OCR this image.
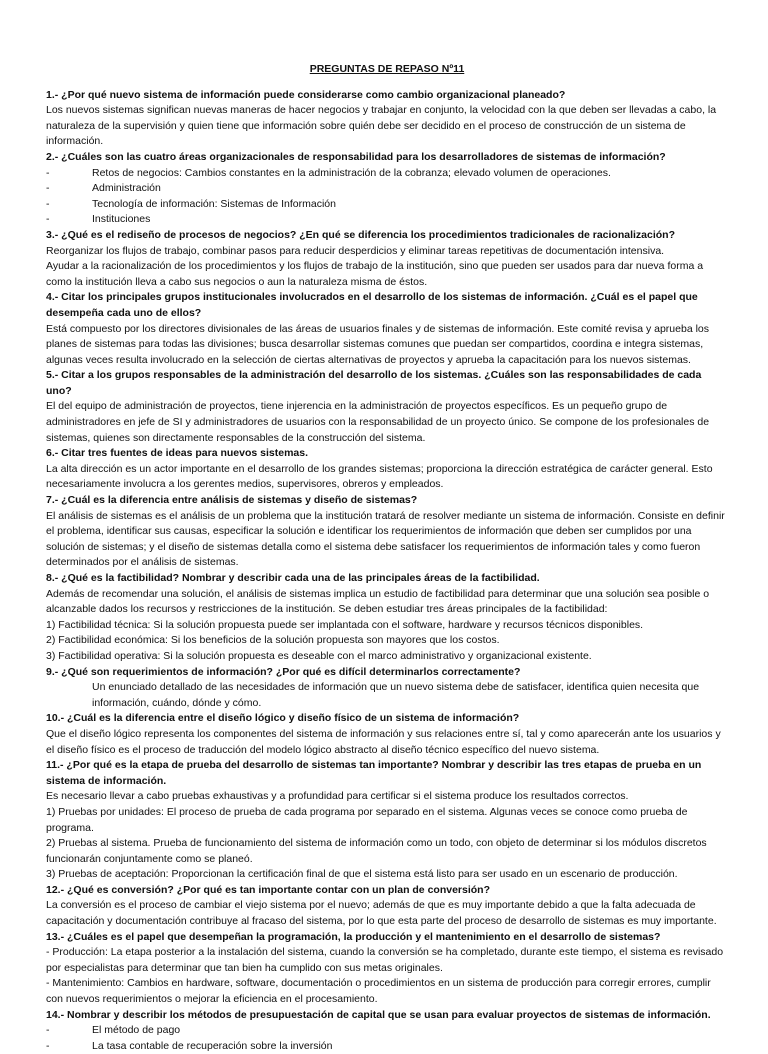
PREGUNTAS DE REPASO Nº11

1.- ¿Por qué nuevo sistema de información puede considerarse como cambio organizacional planeado?

Los nuevos sistemas significan nuevas maneras de hacer negocios y trabajar en conjunto, la velocidad con la que deben ser llevadas a cabo, la naturaleza de la supervisión y quien tiene que información sobre quién debe ser decidido en el proceso de construcción de un sistema de información.

2.- ¿Cuáles son las cuatro áreas organizacionales de responsabilidad para los desarrolladores de sistemas de información?

-	Retos de negocios: Cambios constantes en la administración de la cobranza; elevado volumen de operaciones.
-	Administración
-	Tecnología de información: Sistemas de Información
-	Instituciones

3.- ¿Qué es el rediseño de procesos de negocios? ¿En qué se diferencia los procedimientos tradicionales de racionalización?

Reorganizar los flujos de trabajo, combinar pasos para reducir desperdicios y eliminar tareas repetitivas de documentación intensiva.

Ayudar a la racionalización de los procedimientos y los flujos de trabajo de la institución, sino que pueden ser usados para dar nueva forma a como la institución lleva a cabo sus negocios o aun la naturaleza misma de éstos.

4.- Citar los principales grupos institucionales involucrados en el desarrollo de los sistemas de información. ¿Cuál es el papel que desempeña cada uno de ellos?

Está compuesto por los directores divisionales de las áreas de usuarios finales y de sistemas de información. Este comité revisa y aprueba los planes de sistemas para todas las divisiones; busca desarrollar sistemas comunes que puedan ser compartidos, coordina e integra sistemas, algunas veces resulta involucrado en la selección de ciertas alternativas de proyectos y aprueba la capacitación para los nuevos sistemas.

5.- Citar a los grupos responsables de la administración del desarrollo de los sistemas. ¿Cuáles son las responsabilidades de cada uno?

El del equipo de administración de proyectos, tiene injerencia en la administración de proyectos específicos. Es un pequeño grupo de administradores en jefe de SI y administradores de usuarios con la responsabilidad de un proyecto único. Se compone de los profesionales de sistemas, quienes son directamente responsables de la construcción del sistema.

6.- Citar tres fuentes de ideas para nuevos sistemas.

La alta dirección es un actor importante en el desarrollo de los grandes sistemas; proporciona la dirección estratégica de carácter general. Esto necesariamente involucra a los gerentes medios, supervisores, obreros y empleados.

7.- ¿Cuál es la diferencia entre análisis de sistemas y diseño de sistemas?

El análisis de sistemas es el análisis de un problema que la institución tratará de resolver mediante un sistema de información. Consiste en definir el problema, identificar sus causas, especificar la solución e identificar los requerimientos de información que deben ser cumplidos por una solución de sistemas; y el diseño de sistemas detalla como el sistema debe satisfacer los requerimientos de información tales y como fueron determinados por el análisis de sistemas.

8.- ¿Qué es la factibilidad? Nombrar y describir cada una de las principales áreas de la factibilidad.

Además de recomendar una solución, el análisis de sistemas implica un estudio de factibilidad para determinar que una solución sea posible o alcanzable dados los recursos y restricciones de la institución. Se deben estudiar tres áreas principales de la factibilidad:

1) Factibilidad técnica: Si la solución propuesta puede ser implantada con el software, hardware y recursos técnicos disponibles.

2) Factibilidad económica: Si los beneficios de la solución propuesta son mayores que los costos.

3) Factibilidad operativa: Si la solución propuesta es deseable con el marco administrativo y organizacional existente.

9.- ¿Qué son requerimientos de información? ¿Por qué es difícil determinarlos correctamente?

Un enunciado detallado de las necesidades de información que un nuevo sistema debe de satisfacer, identifica quien necesita que información, cuándo, dónde y cómo.

10.- ¿Cuál es la diferencia entre el diseño lógico y diseño físico de un sistema de información?

Que el diseño lógico representa los componentes del sistema de información y sus relaciones entre sí, tal y como aparecerán ante los usuarios y el diseño físico es el proceso de traducción del modelo lógico abstracto al diseño técnico específico del nuevo sistema.

11.- ¿Por qué es la etapa de prueba del desarrollo de sistemas tan importante? Nombrar y describir las tres etapas de prueba en un sistema de información.

Es necesario llevar a cabo pruebas exhaustivas y a profundidad para certificar si el sistema produce los resultados correctos.

1) Pruebas por unidades: El proceso de prueba de cada programa por separado en el sistema. Algunas veces se conoce como prueba de programa.

2) Pruebas al sistema. Prueba de funcionamiento del sistema de información como un todo, con objeto de determinar si los módulos discretos funcionarán conjuntamente como se planeó.

3) Pruebas de aceptación: Proporcionan la certificación final de que el sistema está listo para ser usado en un escenario de producción.

12.- ¿Qué es conversión? ¿Por qué es tan importante contar con un plan de conversión?

La conversión es el proceso de cambiar el viejo sistema por el nuevo; además de que es muy importante debido a que la falta adecuada de capacitación y documentación contribuye al fracaso del sistema, por lo que esta parte del proceso de desarrollo de sistemas es muy importante.

13.- ¿Cuáles es el papel que desempeñan la programación, la producción y el mantenimiento en el desarrollo de sistemas?

- Producción: La etapa posterior a la instalación del sistema, cuando la conversión se ha completado, durante este tiempo, el sistema es revisado por especialistas para determinar que tan bien ha cumplido con sus metas originales.

- Mantenimiento: Cambios en hardware, software, documentación o procedimientos en un sistema de producción para corregir errores, cumplir con nuevos requerimientos o mejorar la eficiencia en el procesamiento.

14.- Nombrar y describir los métodos de presupuestación de capital que se usan para evaluar proyectos de sistemas de información.

-	El método de pago
-	La tasa contable de recuperación sobre la inversión
